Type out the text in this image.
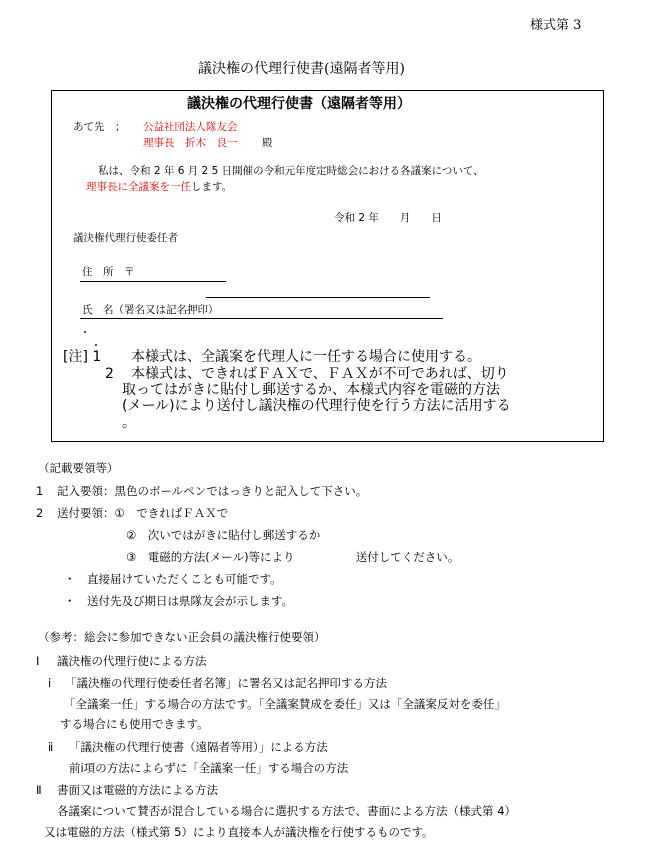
様式第 3
議決権の代理行使書(遠隔者等用)
議決権の代理行使書（遠隔者等用）
あて先　； 公益社団法人隊友会
理事長　折木　良一 殿
私は、令和 2 年 6 月 2 5 日開催の令和元年度定時総会における各議案について、
理事長に全議案を一任します。
令和 2 年　　月　　日
議決権代理行使委任者
住　所　〒
氏　名（署名又は記名押印）
[注] 1 本様式は、全議案を代理人に一任する場合に使用する。
2 本様式は、できればＦＡＸで、ＦＡＸが不可であれば、切り
取ってはがきに貼付し郵送するか、本様式内容を電磁的方法
(メール)により送付し議決権の代理行使を行う方法に活用する
。
（記載要領等）
1 記入要領：黒色のボールペンではっきりと記入して下さい。
2 送付要領：①　できればＦＡＸで
②　次いではがきに貼付し郵送するか
③　電磁的方法(メール)等により　　　　　 送付してください。
・　直接届けていただくことも可能です。
・　送付先及び期日は県隊友会が示します。
（参考：総会に参加できない正会員の議決権行使要領）
Ⅰ 議決権の代理行使による方法
ⅰ 「議決権の代理行使委任者名簿」に署名又は記名押印する方法
「全議案一任」する場合の方法です。「全議案賛成を委任」又は「全議案反対を委任」
する場合にも使用できます。
ⅱ 「議決権の代理行使書（遠隔者等用）」による方法
前ⅰ項の方法によらずに「全議案一任」する場合の方法
Ⅱ 書面又は電磁的方法による方法
各議案について賛否が混合している場合に選択する方法で、書面による方法（様式第 4）
又は電磁的方法（様式第 5）により直接本人が議決権を行使するものです。
